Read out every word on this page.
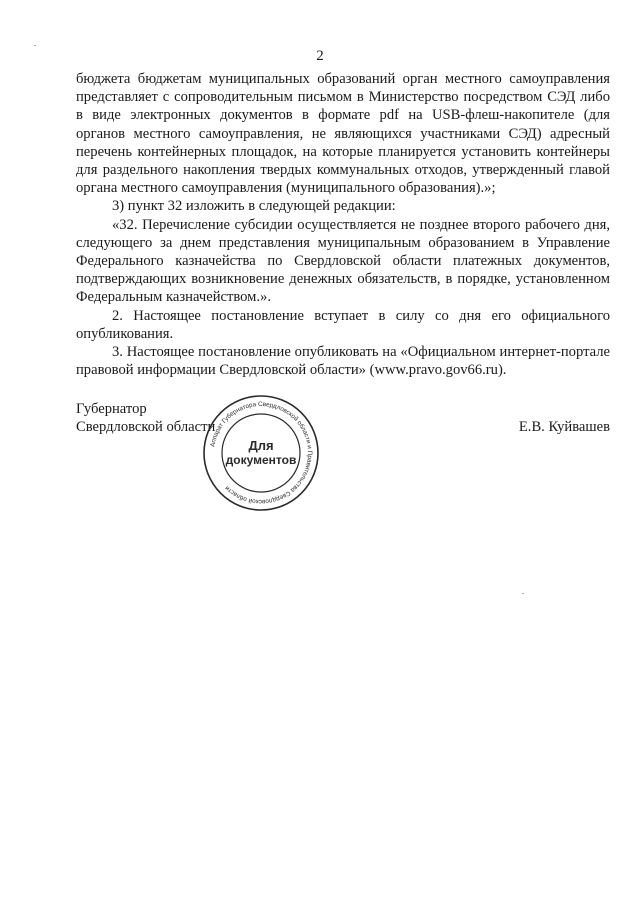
2

бюджета бюджетам муниципальных образований орган местного самоуправления представляет с сопроводительным письмом в Министерство посредством СЭД либо в виде электронных документов в формате pdf на USB-флеш-накопителе (для органов местного самоуправления, не являющихся участниками СЭД) адресный перечень контейнерных площадок, на которые планируется установить контейнеры для раздельного накопления твердых коммунальных отходов, утвержденный главой органа местного самоуправления (муниципального образования).»;

3) пункт 32 изложить в следующей редакции:

«32. Перечисление субсидии осуществляется не позднее второго рабочего дня, следующего за днем представления муниципальным образованием в Управление Федерального казначейства по Свердловской области платежных документов, подтверждающих возникновение денежных обязательств, в порядке, установленном Федеральным казначейством.».

2. Настоящее постановление вступает в силу со дня его официального опубликования.

3. Настоящее постановление опубликовать на «Официальном интернет-портале правовой информации Свердловской области» (www.pravo.gov66.ru).

Губернатор
Свердловской области	Е.В. Куйвашев
Аппарат Губернатора Свердловской области и Правительства Свердловской области
Для
документов
